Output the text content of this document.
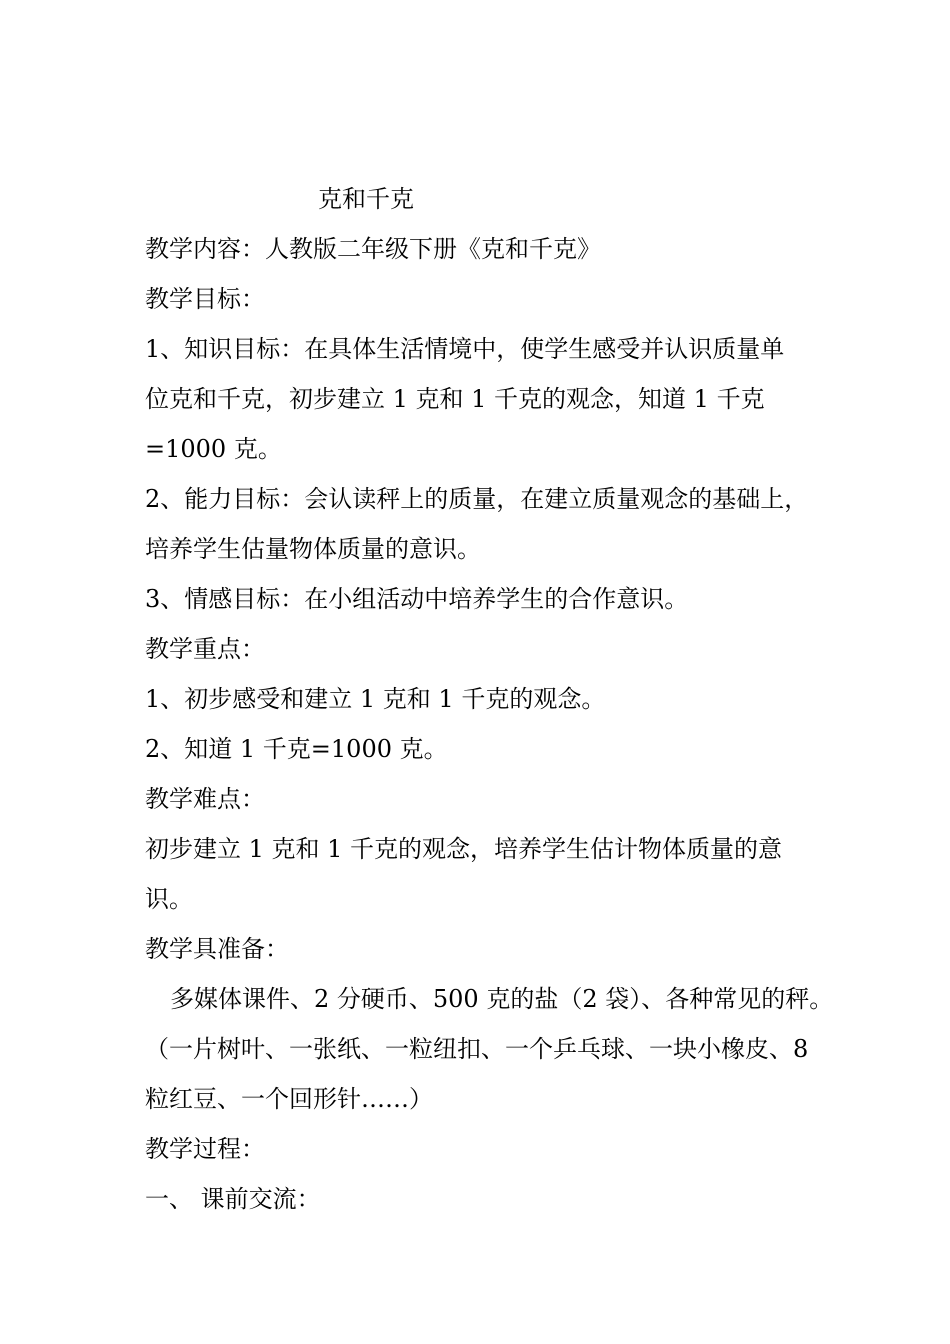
克和千克
教学内容：人教版二年级下册《克和千克》
教学目标：
1、知识目标：在具体生活情境中，使学生感受并认识质量单
位克和千克，初步建立 1 克和 1 千克的观念，知道 1 千克
=1000 克。
2、能力目标：会认读秤上的质量，在建立质量观念的基础上，
培养学生估量物体质量的意识。
3、情感目标：在小组活动中培养学生的合作意识。
教学重点：
1、初步感受和建立 1 克和 1 千克的观念。
2、知道 1 千克=1000 克。
教学难点：
初步建立 1 克和 1 千克的观念，培养学生估计物体质量的意
识。
教学具准备：
多媒体课件、2 分硬币、500 克的盐（2 袋）、各种常见的秤。
（一片树叶、一张纸、一粒纽扣、一个乒乓球、一块小橡皮、8
粒红豆、一个回形针……）
教学过程：
一、 课前交流：
